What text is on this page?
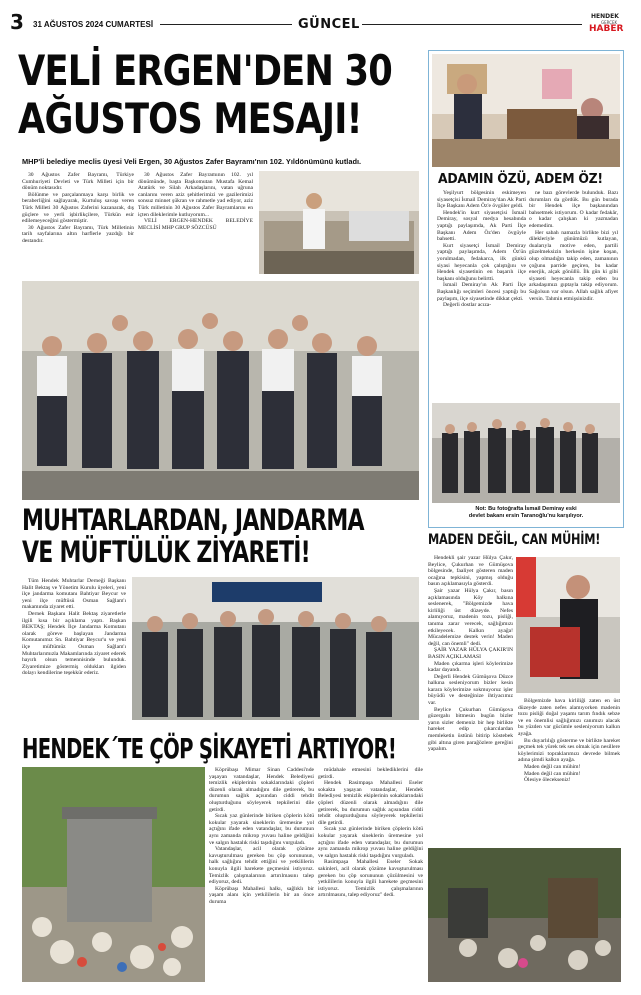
3 31 AĞUSTOS 2024 CUMARTESİ	GÜNCEL
HENDEK
GERÇEK
HABER
VELİ ERGEN'DEN 30
AĞUSTOS MESAJI!
MHP'li belediye meclis üyesi Veli Ergen, 30 Ağustos Zafer Bayramı'nın 102. Yıldönümünü kutladı.

30 Ağustos Zafer Bayramı, Türkiye Cumhuriyeti Devleti ve Türk Milleti için bir dönüm noktasıdır.

Bölünme ve parçalanmaya karşı birlik ve beraberliğini sağlayarak, Kurtuluş savaşı veren Türk Milleti 30 Ağustos Zaferini kazanarak, dış güçlere ve yerli işbirlikçilere, Türkün esir edilemeyeceğini göstermiştir.

30 Ağustos Zafer Bayramı, Türk Milletinin tarih sayfalarına altın harflerle yazdığı bir destandır.

30 Ağustos Zafer Bayramının 102. yıl dönümünde, başta Başkomutan Mustafa Kemal Atatürk ve Silah Arkadaşlarını, vatan uğruna canlarını veren aziz şehitlerimizi ve gazilerimizi sonsuz minnet şükran ve rahmetle yad ediyor, aziz Türk milletinin 30 Ağustos Zafer Bayramlarını en içten dileklerimle kutluyorum...

VELİ ERGEN-HENDEK BELEDİYE MECLİSİ MHP GRUP SÖZCÜSÜ

ADAMIN ÖZÜ, ADEM ÖZ!

Yeşilyurt bölgesinin eskimeyen siyasetçisi İsmail Demiray'dan Ak Parti İlçe Başkanı Adem Öz'e övgüler geldi.

Hendek'in kurt siyasetçisi İsmail Demiray, sosyal medya hesabında yaptığı paylaşımda, Ak Parti İlçe Başkanı Adem Öz'den övgüyle bahsetti.

Kurt siyasetçi İsmail Demiray yaptığı paylaşımda, Adem Öz'ün yorulmadan, fedakarca, ilk günkü siyasi heyecanla çok çalıştığını ve Hendek siyasetinin en başarılı ilçe başkanı olduğunu belirtti.

İsmail Demiray'ın Ak Parti İlçe Başkanlığı seçimleri öncesi yaptığı bu paylaşım, ilçe siyasetinde dikkat çekti.

Değerli dostlar acıza-

ne bazı görevlerde bulunduk. Bazı durumları da gördük. Bu gün burada bir Hendek ilçe başkanından bahsetmek istiyorum. O kadar fedakâr, o kadar çalışkan ki yazmadan edemedim.

Her sabah namazla birlikte bizi yıl dilekleriyle günümüzü kutlayan, dualarıyla motive eden, partili güzelmeksizin herkesin işine koşan, olup olmadığın takip eden, zamanının çoğunu parride geçiren, bu kadar enerjik, alçak gönüllü. İlk gün ki gibi siyaseti heyecanla takip eden bu arkadaşımızı gıptayla takip ediyorum. Sağolsun var olsun. Allah sağlık afiyet versin. Tahmin etmişsinizdir.

Not: Bu fotoğrafta İsmail Demiray eski
devlet bakanı ersin Taranoğlu'nu karşılıyor.
MUHTARLARDAN, JANDARMA
VE MÜFTÜLÜK ZİYARETİ!

Tüm Hendek Muhtarlar Derneği Başkanı Halit Bektaş ve Yönetim Kurulu üyeleri, yeni ilçe jandarma komutanı Bahtiyar Beycur ve yeni ilçe müftüsü Osman Sağlam'ı makamında ziyaret etti.

Dernek Başkanı Halit Bektaş ziyaretlerle ilgili kısa bir açıklama yaptı. Başkan BEKTAŞ; Hendek İlçe Jandarma Komutanı olarak göreve başlayan Jandarma Komutanımız Sn. Bahtiyar Beycur'u ve yeni ilçe müftümüz Osman Sağlam'ı Muhtarlarımızla Makamlarında ziyaret ederek hayırlı olsun temennisinde bulunduk. Ziyaretimize göstermiş oldukları ilgiden dolayı kendilerine teşekkür ederiz.

MADEN DEĞİL, CAN MÜHİM!

Hendekli şair yazar Hülya Çakır, Beylice, Çukurhan ve Gümüşova bölgesinde, faaliyet gösteren maden ocağına tepkisini, yapmış olduğu basın açıklamasıyla gösterdi.

Şair yazar Hülya Çakır, basın açıklamasında Köy halkına seslenerek, "Bölgemizde hava kirliliği üst düzeyde. Nefes alamıyoruz, madenin tozu, pisliği, tanıma zarar verecek, sağlığımızı etkileyecek. Kalkın ayağa! Mücadelemize destek verin! Maden değil, can önemli" dedi.

ŞAİR YAZAR HÜLYA ÇAKIR'IN BASIN AÇIKLAMASI

Maden çıkarma işleri köylerimize kadar dayandı.

Değerli Hendek Gümüşova Düzce halkına sesleniyorum bizler kesin karara köylerimize sokmuyoruz işler büyüdü ve desteğinize ihtiyacımız var.

Beylice Çukurhan Gümüşova güzergahı bitmesin bugün bizler yarın sizler demeniz bir hep birlikte hareket edip çıkarcılardan memleketin üstünü bitirip köstebek gibi altına giren parağözlere gereğini yapalım.

Bölgemizde hava kirliliği zaten en üst düzeyde zaten nefes alamıyorken madenin tozu pisliği doğal yaşamı tarım fındık sebze ve en önemlisi sağlığımızı canımızı alacak bu yüzden var gücümle sesleniyorum kalkın ayağa.

Bu duyarlılığı gösterme ve birlikte hareket geçmek tek yürek tek ses olmak için nesillere köylerimizi topraklarımızı devrede bilmek adına şimdi kalkın ayağa.

Maden değil can mühim!

Maden değil can mühim!

Ölesiye ölecekseniz!

HENDEK´TE ÇÖP ŞİKAYETİ ARTIYOR!

Köprübaşı Mimar Sinan Caddesi'nde yaşayan vatandaşlar, Hendek Belediyesi temizlik ekiplerinin sokaklarındaki çöpleri düzenli olarak almadığını dile getirerek, bu durumun sağlık açısından ciddi tehdit oluşturduğunu söyleyerek tepkilerini dile getirdi.

Sıcak yaz günlerinde biriken çöplerin kötü kokular yayarak sineklerin üremesine yol açtığını ifade eden vatandaşlar, bu durumun aynı zamanda mikrop yuvası haline geldiğini ve salgın hastalık riski taşıdığını vurguladı.

Vatandaşlar, acil olarak çözüme kavuşturulması gereken bu çöp sorununun, halk sağlığını tehdit ettiğini ve yetkililerin konuyla ilgili harekete geçmesini istiyoruz. Temizlik çalışmalarının artırılmasını talep ediyoruz, dedi.

Köprübaşı Mahallesi halkı, sağlıklı bir yaşam alanı için yetkililerin bir an önce duruma

müdahale etmesini beklediklerini dile getirdi.

Hendek Rasimpaşa Mahallesi Eseler sokakta yaşayan vatandaşlar, Hendek Belediyesi temizlik ekiplerinin sokaklarındaki çöpleri düzenli olarak almadığını dile getirerek, bu durumun sağlık açısından ciddi tehdit oluşturduğunu söyleyerek tepkilerini dile getirdi.

Sıcak yaz günlerinde biriken çöplerin kötü kokular yayarak sineklerin üremesine yol açtığını ifade eden vatandaşlar, bu durumun aynı zamanda mikrop yuvası haline geldiğini ve salgın hastalık riski taşıdığını vurguladı.

Rasimpaşa Mahallesi Eseler Sokak sakinleri, acil olarak çözüme kavuşturulması gereken bu çöp sorununun çözülmesini ve yetkililerin konuyla ilgili harekete geçmesini istiyoruz. Temizlik çalışmalarının artırılmasını, talep ediyoruz" dedi.
